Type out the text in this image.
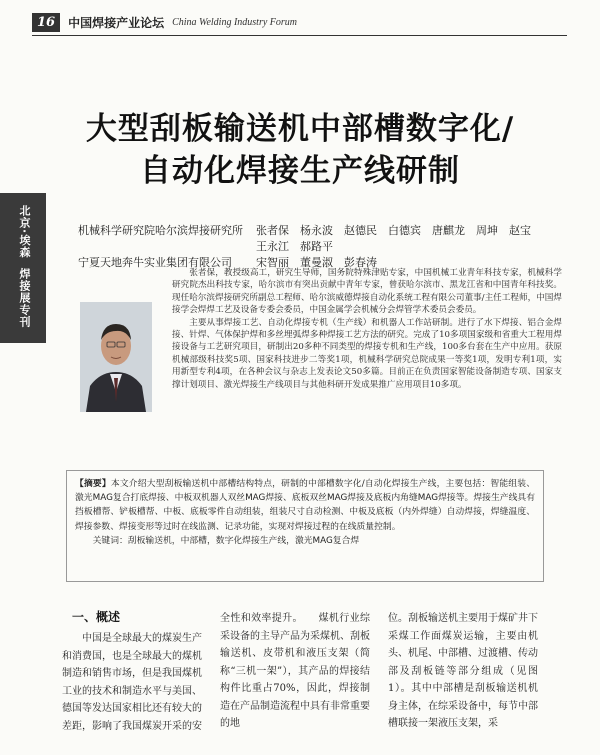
16	中国焊接产业论坛 China Welding Industry Forum
大型刮板输送机中部槽数字化/
自动化焊接生产线研制
北京·埃森
焊接展专刊
机械科学研究院哈尔滨焊接研究所 张者保　杨永波　赵德民　白德宾　唐麒龙　周坤　赵宝
王永江　郝路平
宁夏天地奔牛实业集团有限公司 宋智丽　董曼淑　彭春涛

张者保，教授级高工，研究生导师，国务院特殊津贴专家，中国机械工业青年科技专家，机械科学研究院杰出科技专家，哈尔滨市有突出贡献中青年专家，曾获哈尔滨市、黑龙江省和中国青年科技奖。现任哈尔滨焊接研究所副总工程师、哈尔滨威德焊接自动化系统工程有限公司董事/主任工程师，中国焊接学会焊焊工艺及设备专委会委员，中国金属学会机械分会焊管学术委员会委员。

主要从事焊接工艺、自动化焊接专机（生产线）和机器人工作站研制。进行了水下焊接、铝合金焊接、针焊、气体保护焊和多丝埋弧焊多种焊接工艺方法的研究。完成了10多项国家级和省重大工程用焊接设备与工艺研究项目，研制出20多种不同类型的焊接专机和生产线，100多台套在生产中应用。获原机械部级科技奖5项、国家科技进步二等奖1项，机械科学研究总院成果一等奖1项，发明专利1项，实用新型专利4项，在各种会议与杂志上发表论文50多篇。目前正在负责国家智能设备制造专项、国家支撑计划项目、激光焊接生产线项目与其他科研开发成果推广应用项目10多项。

【摘要】本文介绍大型刮板输送机中部槽结构特点，研制的中部槽数字化/自动化焊接生产线，主要包括：智能组装、激光MAG复合打底焊接、中板双机器人双丝MAG焊接、底板双丝MAG焊接及底板内角缝MAG焊接等。焊接生产线具有挡板槽帮、铲板槽帮、中板、底板零件自动组装，组装尺寸自动检测、中板及底板（内外焊缝）自动焊接，焊缝温度、焊接参数、焊接变形等过时在线监测、记录功能，实现对焊接过程的在线质量控制。
关键词：刮板输送机，中部槽，数字化焊接生产线，激光MAG复合焊
一、概述

中国是全球最大的煤炭生产和消费国，也是全球最大的煤机制造和销售市场，但是我国煤机工业的技术和制造水平与美国、德国等发达国家相比还有较大的差距，影响了我国煤炭开采的安

全性和效率提升。　　煤机行业综采设备的主导产品为采煤机、刮板输送机、皮带机和液压支架（简称“三机一架”），其产品的焊接结构件比重占70%，因此，焊接制造在产品制造流程中具有非常重要的地

位。刮板输送机主要用于煤矿井下采煤工作面煤炭运输，主要由机头、机尾、中部槽、过渡槽、传动部及刮板链等部分组成（见图1）。其中中部槽是刮板输送机机身主体，在综采设备中，每节中部槽联接一架液压支架，采
